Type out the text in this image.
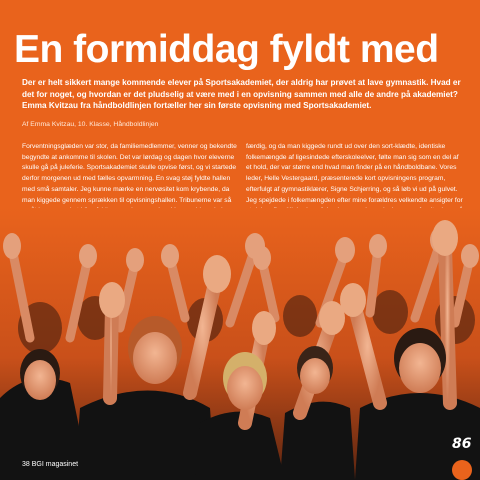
En formiddag fyldt med
Der er helt sikkert mange kommende elever på Sportsakademiet, der aldrig har prøvet at lave gymnastik. Hvad er det for noget, og hvordan er det pludselig at være med i en opvisning sammen med alle de andre på akademiet? Emma Kvitzau fra håndboldlinjen fortæller her sin første opvisning med Sportsakademiet.
Af Emma Kvitzau, 10. Klasse, Håndboldlinjen
Forventningsglæden var stor, da familiemedlemmer, venner og bekendte begyndte at ankomme til skolen. Det var lørdag og dagen hvor eleverne skulle gå på juleferie. Sportsakademiet skulle opvise først, og vi startede derfor morgenen ud med fælles opvarmning. En svag støj fyldte hallen med små samtaler. Jeg kunne mærke en nervøsitet kom krybende, da man kiggede gennem sprækken til opvisningshallen. Tribunerne var så
færdig, og da man kiggede rundt ud over den sort-klædte, identiske folkemængde af ligesindede efterskoleelver, følte man sig som en del af et hold, der var større end hvad man finder på en håndboldbane. Vores leder, Helle Vestergaard, præsenterede kort opvisningens program, efterfulgt af gymnastiklærer, Signe Schjerring, og så løb vi ud på gulvet. Jeg spejdede i folkemængden efter mine forældres velkendte ansigter for
86
38 BGI magasinet
